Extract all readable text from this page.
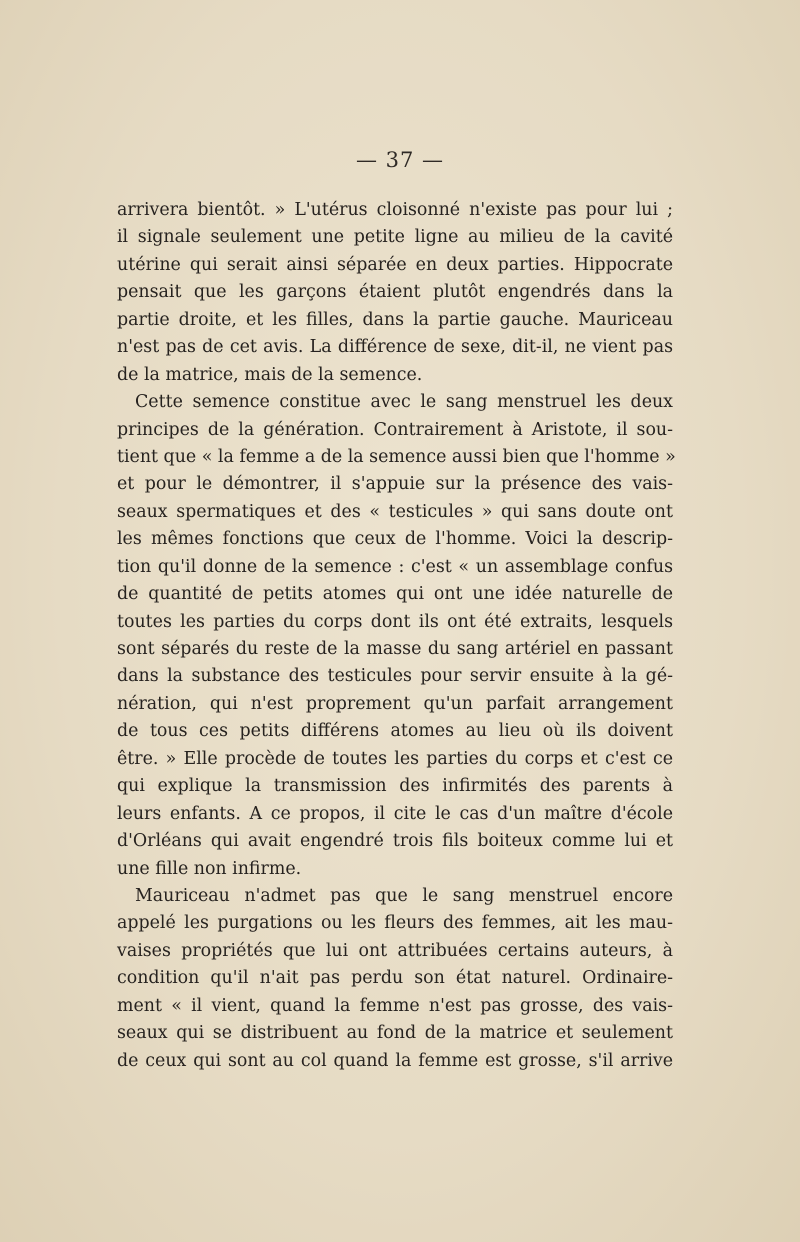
— 37 —
arrivera bientôt. » L'utérus cloisonné n'existe pas pour lui ;
il signale seulement une petite ligne au milieu de la cavité
utérine qui serait ainsi séparée en deux parties. Hippocrate
pensait que les garçons étaient plutôt engendrés dans la
partie droite, et les filles, dans la partie gauche. Mauriceau
n'est pas de cet avis. La différence de sexe, dit-il, ne vient pas
de la matrice, mais de la semence.
Cette semence constitue avec le sang menstruel les deux
principes de la génération. Contrairement à Aristote, il sou-
tient que « la femme a de la semence aussi bien que l'homme »
et pour le démontrer, il s'appuie sur la présence des vais-
seaux spermatiques et des « testicules » qui sans doute ont
les mêmes fonctions que ceux de l'homme. Voici la descrip-
tion qu'il donne de la semence : c'est « un assemblage confus
de quantité de petits atomes qui ont une idée naturelle de
toutes les parties du corps dont ils ont été extraits, lesquels
sont séparés du reste de la masse du sang artériel en passant
dans la substance des testicules pour servir ensuite à la gé-
nération, qui n'est proprement qu'un parfait arrangement
de tous ces petits différens atomes au lieu où ils doivent
être. » Elle procède de toutes les parties du corps et c'est ce
qui explique la transmission des infirmités des parents à
leurs enfants. A ce propos, il cite le cas d'un maître d'école
d'Orléans qui avait engendré trois fils boiteux comme lui et
une fille non infirme.
Mauriceau n'admet pas que le sang menstruel encore
appelé les purgations ou les fleurs des femmes, ait les mau-
vaises propriétés que lui ont attribuées certains auteurs, à
condition qu'il n'ait pas perdu son état naturel. Ordinaire-
ment « il vient, quand la femme n'est pas grosse, des vais-
seaux qui se distribuent au fond de la matrice et seulement
de ceux qui sont au col quand la femme est grosse, s'il arrive
